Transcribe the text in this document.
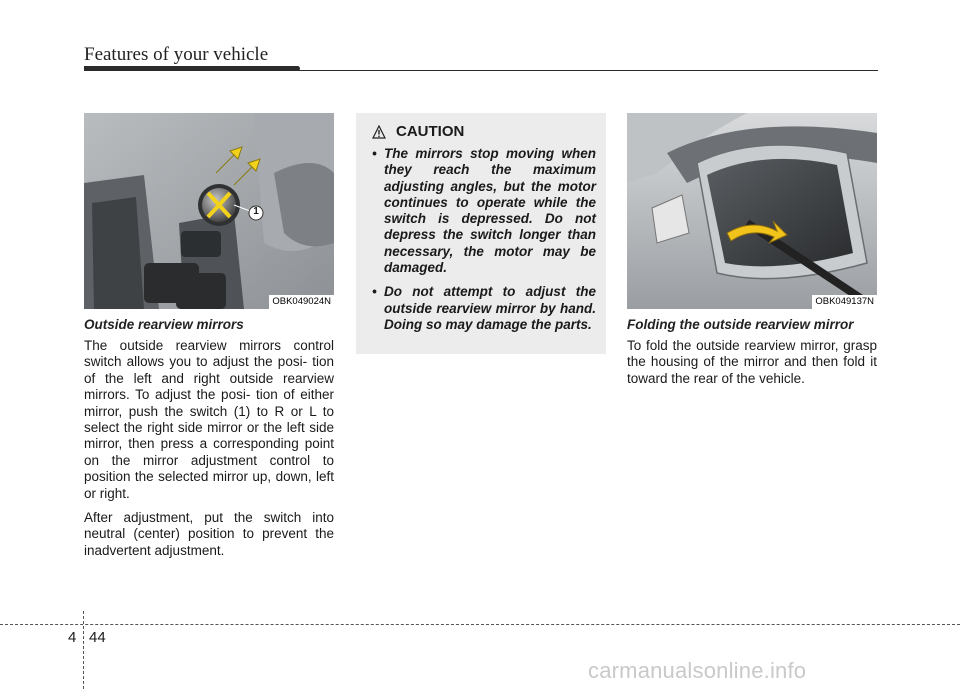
Features of your vehicle
1
OBK049024N
Outside rearview mirrors

The outside rearview mirrors control switch allows you to adjust the posi- tion of the left and right outside rearview mirrors. To adjust the posi- tion of either mirror, push the switch (1) to R or L to select the right side mirror or the left side mirror, then press a corresponding point on the mirror adjustment control to position the selected mirror up, down, left or right.

After adjustment, put the switch into neutral (center) position to prevent the inadvertent adjustment.

CAUTION
• The mirrors stop moving when they reach the maximum adjusting angles, but the motor continues to operate while the switch is depressed. Do not depress the switch longer than necessary, the motor may be damaged.
• Do not attempt to adjust the outside rearview mirror by hand. Doing so may damage the parts.
OBK049137N
Folding the outside rearview mirror

To fold the outside rearview mirror, grasp the housing of the mirror and then fold it toward the rear of the vehicle.

4 44
carmanualsonline.info
